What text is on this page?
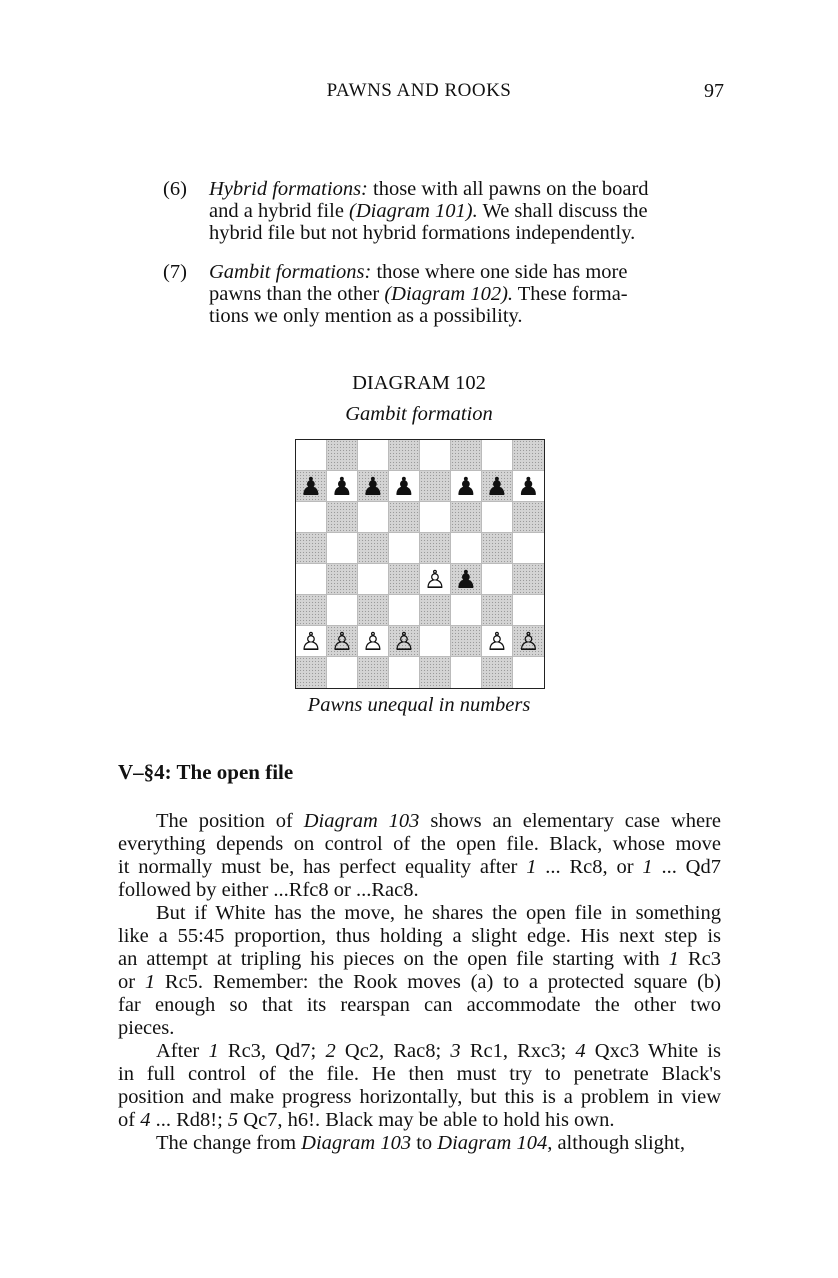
PAWNS AND ROOKS	97
(6) Hybrid formations: those with all pawns on the board
and a hybrid file (Diagram 101). We shall discuss the
hybrid file but not hybrid formations independently.
(7) Gambit formations: those where one side has more
pawns than the other (Diagram 102). These forma-
tions we only mention as a possibility.
DIAGRAM 102
Gambit formation
♟ ♟ ♟ ♟ ♟ ♟ ♟
♙ ♟
♙ ♙ ♙ ♙	♙ ♙
Pawns unequal in numbers
V–§4: The open file
The position of Diagram 103 shows an elementary case where
everything depends on control of the open file. Black, whose move
it normally must be, has perfect equality after 1 ... Rc8, or 1 ... Qd7
followed by either ...Rfc8 or ...Rac8.
But if White has the move, he shares the open file in something
like a 55:45 proportion, thus holding a slight edge. His next step is
an attempt at tripling his pieces on the open file starting with 1 Rc3
or 1 Rc5. Remember: the Rook moves (a) to a protected square (b)
far enough so that its rearspan can accommodate the other two
pieces.
After 1 Rc3, Qd7; 2 Qc2, Rac8; 3 Rc1, Rxc3; 4 Qxc3 White is
in full control of the file. He then must try to penetrate Black's
position and make progress horizontally, but this is a problem in view
of 4 ... Rd8!; 5 Qc7, h6!. Black may be able to hold his own.
The change from Diagram 103 to Diagram 104, although slight,
